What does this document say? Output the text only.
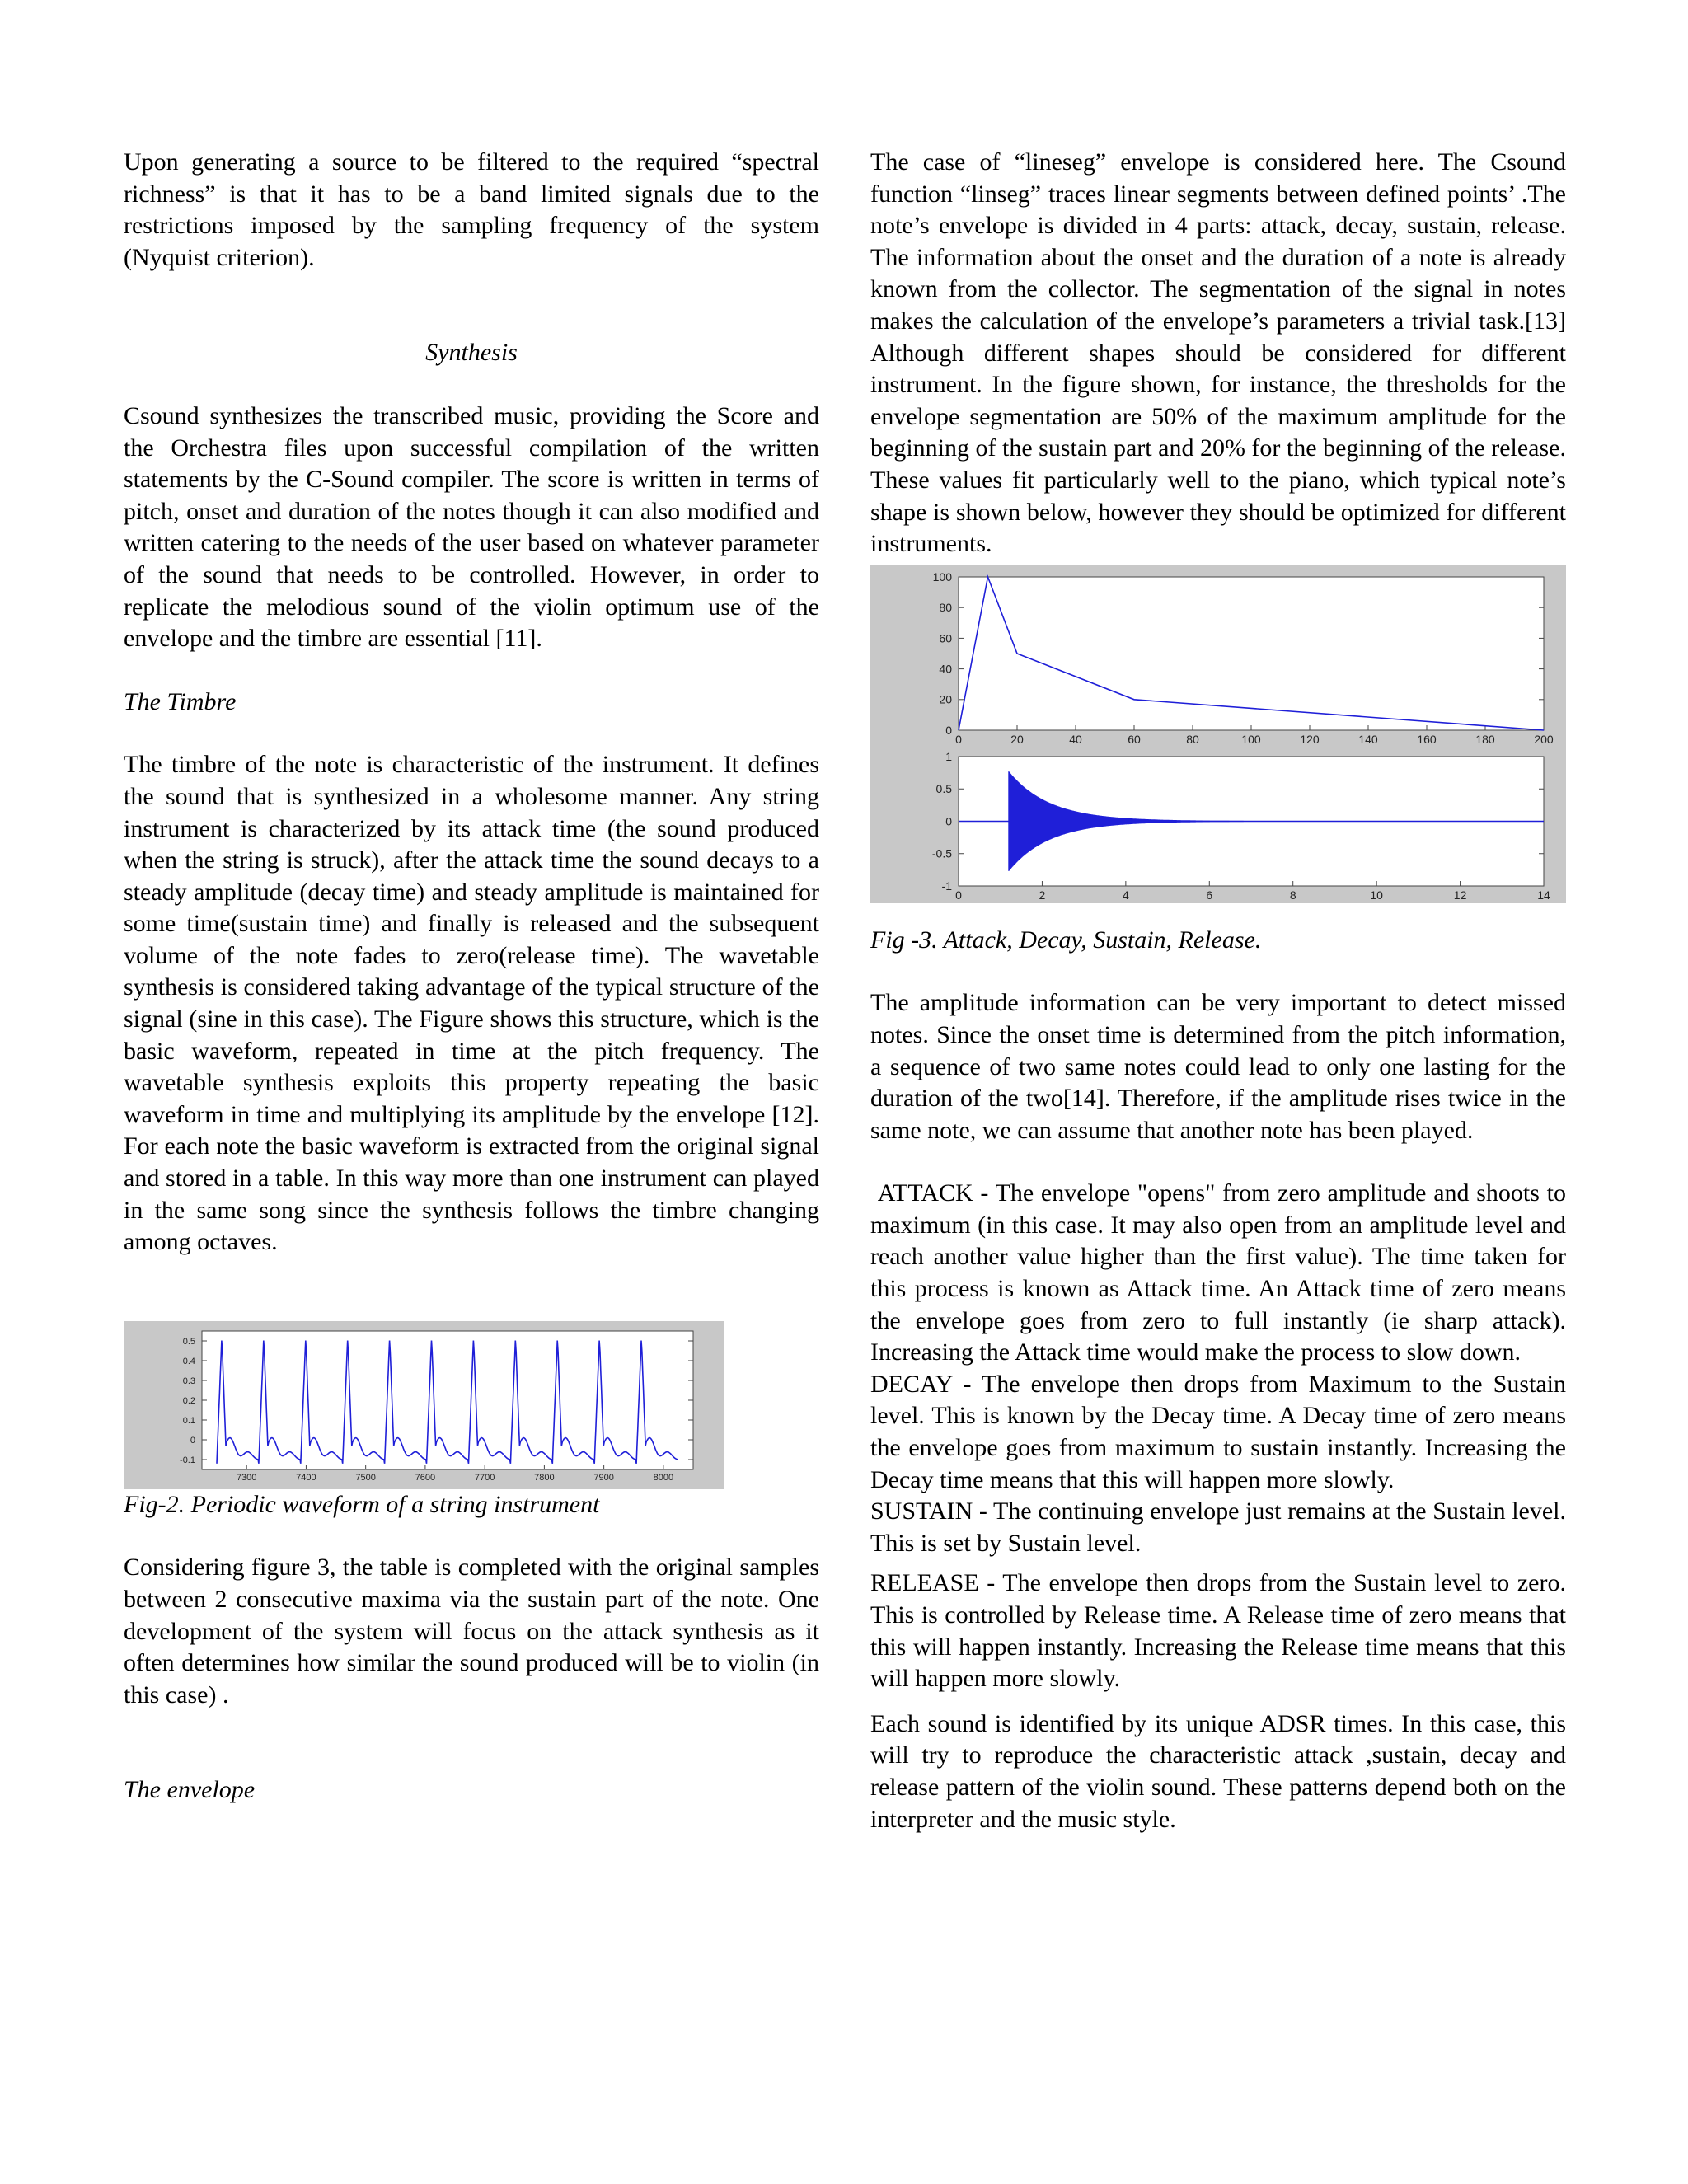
Upon generating a source to be filtered to the required “spectral richness” is that it has to be a band limited signals due to the restrictions imposed by the sampling frequency of the system (Nyquist criterion).

Synthesis

Csound synthesizes the transcribed music, providing the Score and the Orchestra files upon successful compilation of the written statements by the C-Sound compiler. The score is written in terms of pitch, onset and duration of the notes though it can also modified and written catering to the needs of the user based on whatever parameter of the sound that needs to be controlled. However, in order to replicate the melodious sound of the violin optimum use of the envelope and the timbre are essential [11].

The Timbre

The timbre of the note is characteristic of the instrument. It defines the sound that is synthesized in a wholesome manner. Any string instrument is characterized by its attack time (the sound produced when the string is struck), after the attack time the sound decays to a steady amplitude (decay time) and steady amplitude is maintained for some time(sustain time) and finally is released and the subsequent volume of the note fades to zero(release time). The wavetable synthesis is considered taking advantage of the typical structure of the signal (sine in this case). The Figure shows this structure, which is the basic waveform, repeated in time at the pitch frequency. The wavetable synthesis exploits this property repeating the basic waveform in time and multiplying its amplitude by the envelope [12]. For each note the basic waveform is extracted from the original signal and stored in a table. In this way more than one instrument can played in the same song since the synthesis follows the timbre changing among octaves.

0.5
0.4
0.3
0.2
0.1
0
-0.1
7300	7400	7500	7600	7700	7800	7900	8000

Fig-2. Periodic waveform of a string instrument

Considering figure 3, the table is completed with the original samples between 2 consecutive maxima via the sustain part of the note. One development of the system will focus on the attack synthesis as it often determines how similar the sound produced will be to violin (in this case) .

The envelope

The case of “lineseg” envelope is considered here. The Csound function “linseg” traces linear segments between defined points’ .The note’s envelope is divided in 4 parts: attack, decay, sustain, release. The information about the onset and the duration of a note is already known from the collector. The segmentation of the signal in notes makes the calculation of the envelope’s parameters a trivial task.[13] Although different shapes should be considered for different instrument. In the figure shown, for instance, the thresholds for the envelope segmentation are 50% of the maximum amplitude for the beginning of the sustain part and 20% for the beginning of the release. These values fit particularly well to the piano, which typical note’s shape is shown below, however they should be optimized for different instruments.

100
80
60
40
20
0
0	20	40	60	80	100	120	140	160	180	200
1
0.5
0
-0.5
-1
0	2	4	6	8	10	12	14

Fig -3. Attack, Decay, Sustain, Release.

The amplitude information can be very important to detect missed notes. Since the onset time is determined from the pitch information, a sequence of two same notes could lead to only one lasting for the duration of the two[14]. Therefore, if the amplitude rises twice in the same note, we can assume that another note has been played.

ATTACK - The envelope "opens" from zero amplitude and shoots to maximum (in this case. It may also open from an amplitude level and reach another value higher than the first value). The time taken for this process is known as Attack time. An Attack time of zero means the envelope goes from zero to full instantly (ie sharp attack). Increasing the Attack time would make the process to slow down.

DECAY - The envelope then drops from Maximum to the Sustain level. This is known by the Decay time. A Decay time of zero means the envelope goes from maximum to sustain instantly. Increasing the Decay time means that this will happen more slowly.

SUSTAIN - The continuing envelope just remains at the Sustain level. This is set by Sustain level.

RELEASE - The envelope then drops from the Sustain level to zero. This is controlled by Release time. A Release time of zero means that this will happen instantly. Increasing the Release time means that this will happen more slowly.

Each sound is identified by its unique ADSR times. In this case, this will try to reproduce the characteristic attack ,sustain, decay and release pattern of the violin sound. These patterns depend both on the interpreter and the music style.
